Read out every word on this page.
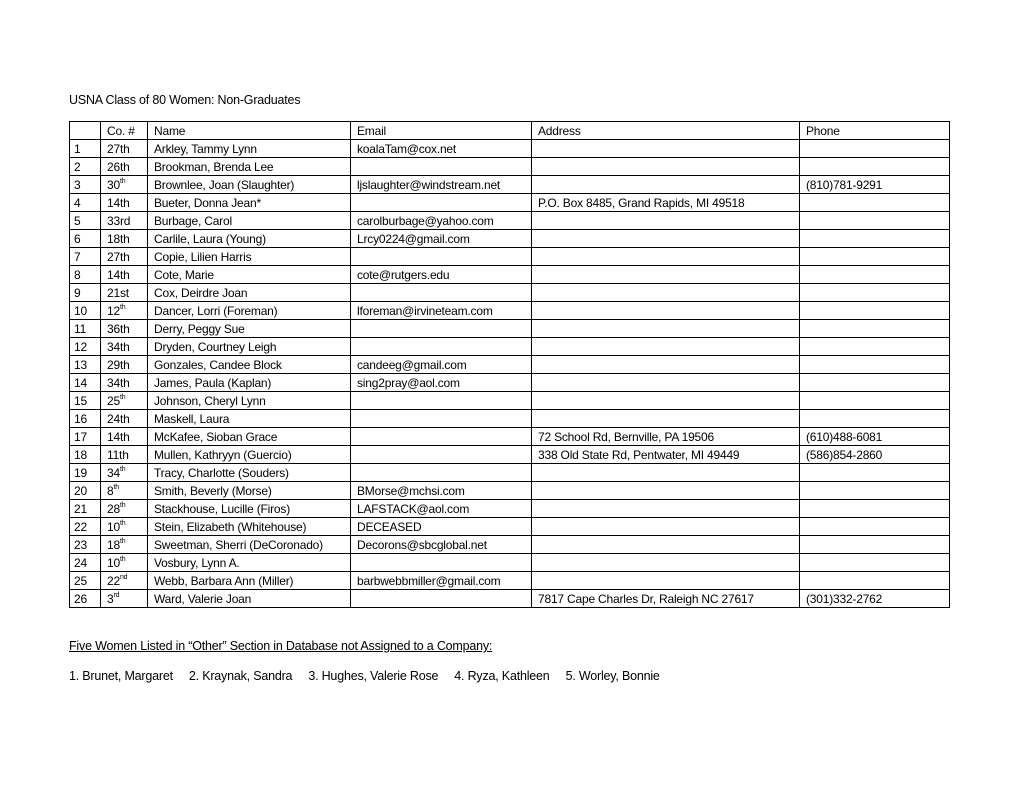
USNA Class of 80 Women: Non-Graduates
	Co. #	Name	Email	Address	Phone
1	27th	Arkley, Tammy Lynn	koalaTam@cox.net		
2	26th	Brookman, Brenda Lee			
3	30th	Brownlee, Joan (Slaughter)	ljslaughter@windstream.net		(810)781-9291
4	14th	Bueter, Donna Jean*		P.O. Box 8485, Grand Rapids, MI 49518	
5	33rd	Burbage, Carol	carolburbage@yahoo.com		
6	18th	Carlile, Laura (Young)	Lrcy0224@gmail.com		
7	27th	Copie, Lilien Harris			
8	14th	Cote, Marie	cote@rutgers.edu		
9	21st	Cox, Deirdre Joan			
10	12th	Dancer, Lorri (Foreman)	lforeman@irvineteam.com		
11	36th	Derry, Peggy Sue			
12	34th	Dryden, Courtney Leigh			
13	29th	Gonzales, Candee Block	candeeg@gmail.com		
14	34th	James, Paula (Kaplan)	sing2pray@aol.com		
15	25th	Johnson, Cheryl Lynn			
16	24th	Maskell, Laura			
17	14th	McKafee, Sioban Grace		72 School Rd, Bernville, PA 19506	(610)488-6081
18	11th	Mullen, Kathryyn (Guercio)		338 Old State Rd, Pentwater, MI 49449	(586)854-2860
19	34th	Tracy, Charlotte (Souders)			
20	8th	Smith, Beverly (Morse)	BMorse@mchsi.com		
21	28th	Stackhouse, Lucille (Firos)	LAFSTACK@aol.com		
22	10th	Stein, Elizabeth (Whitehouse)	DECEASED		
23	18th	Sweetman, Sherri (DeCoronado)	Decorons@sbcglobal.net		
24	10th	Vosbury, Lynn A.			
25	22nd	Webb, Barbara Ann (Miller)	barbwebbmiller@gmail.com		
26	3rd	Ward, Valerie Joan		7817 Cape Charles Dr, Raleigh NC 27617	(301)332-2762
Five Women Listed in “Other” Section in Database not Assigned to a Company:
1. Brunet, Margaret 2. Kraynak, Sandra 3. Hughes, Valerie Rose 4. Ryza, Kathleen 5. Worley, Bonnie
